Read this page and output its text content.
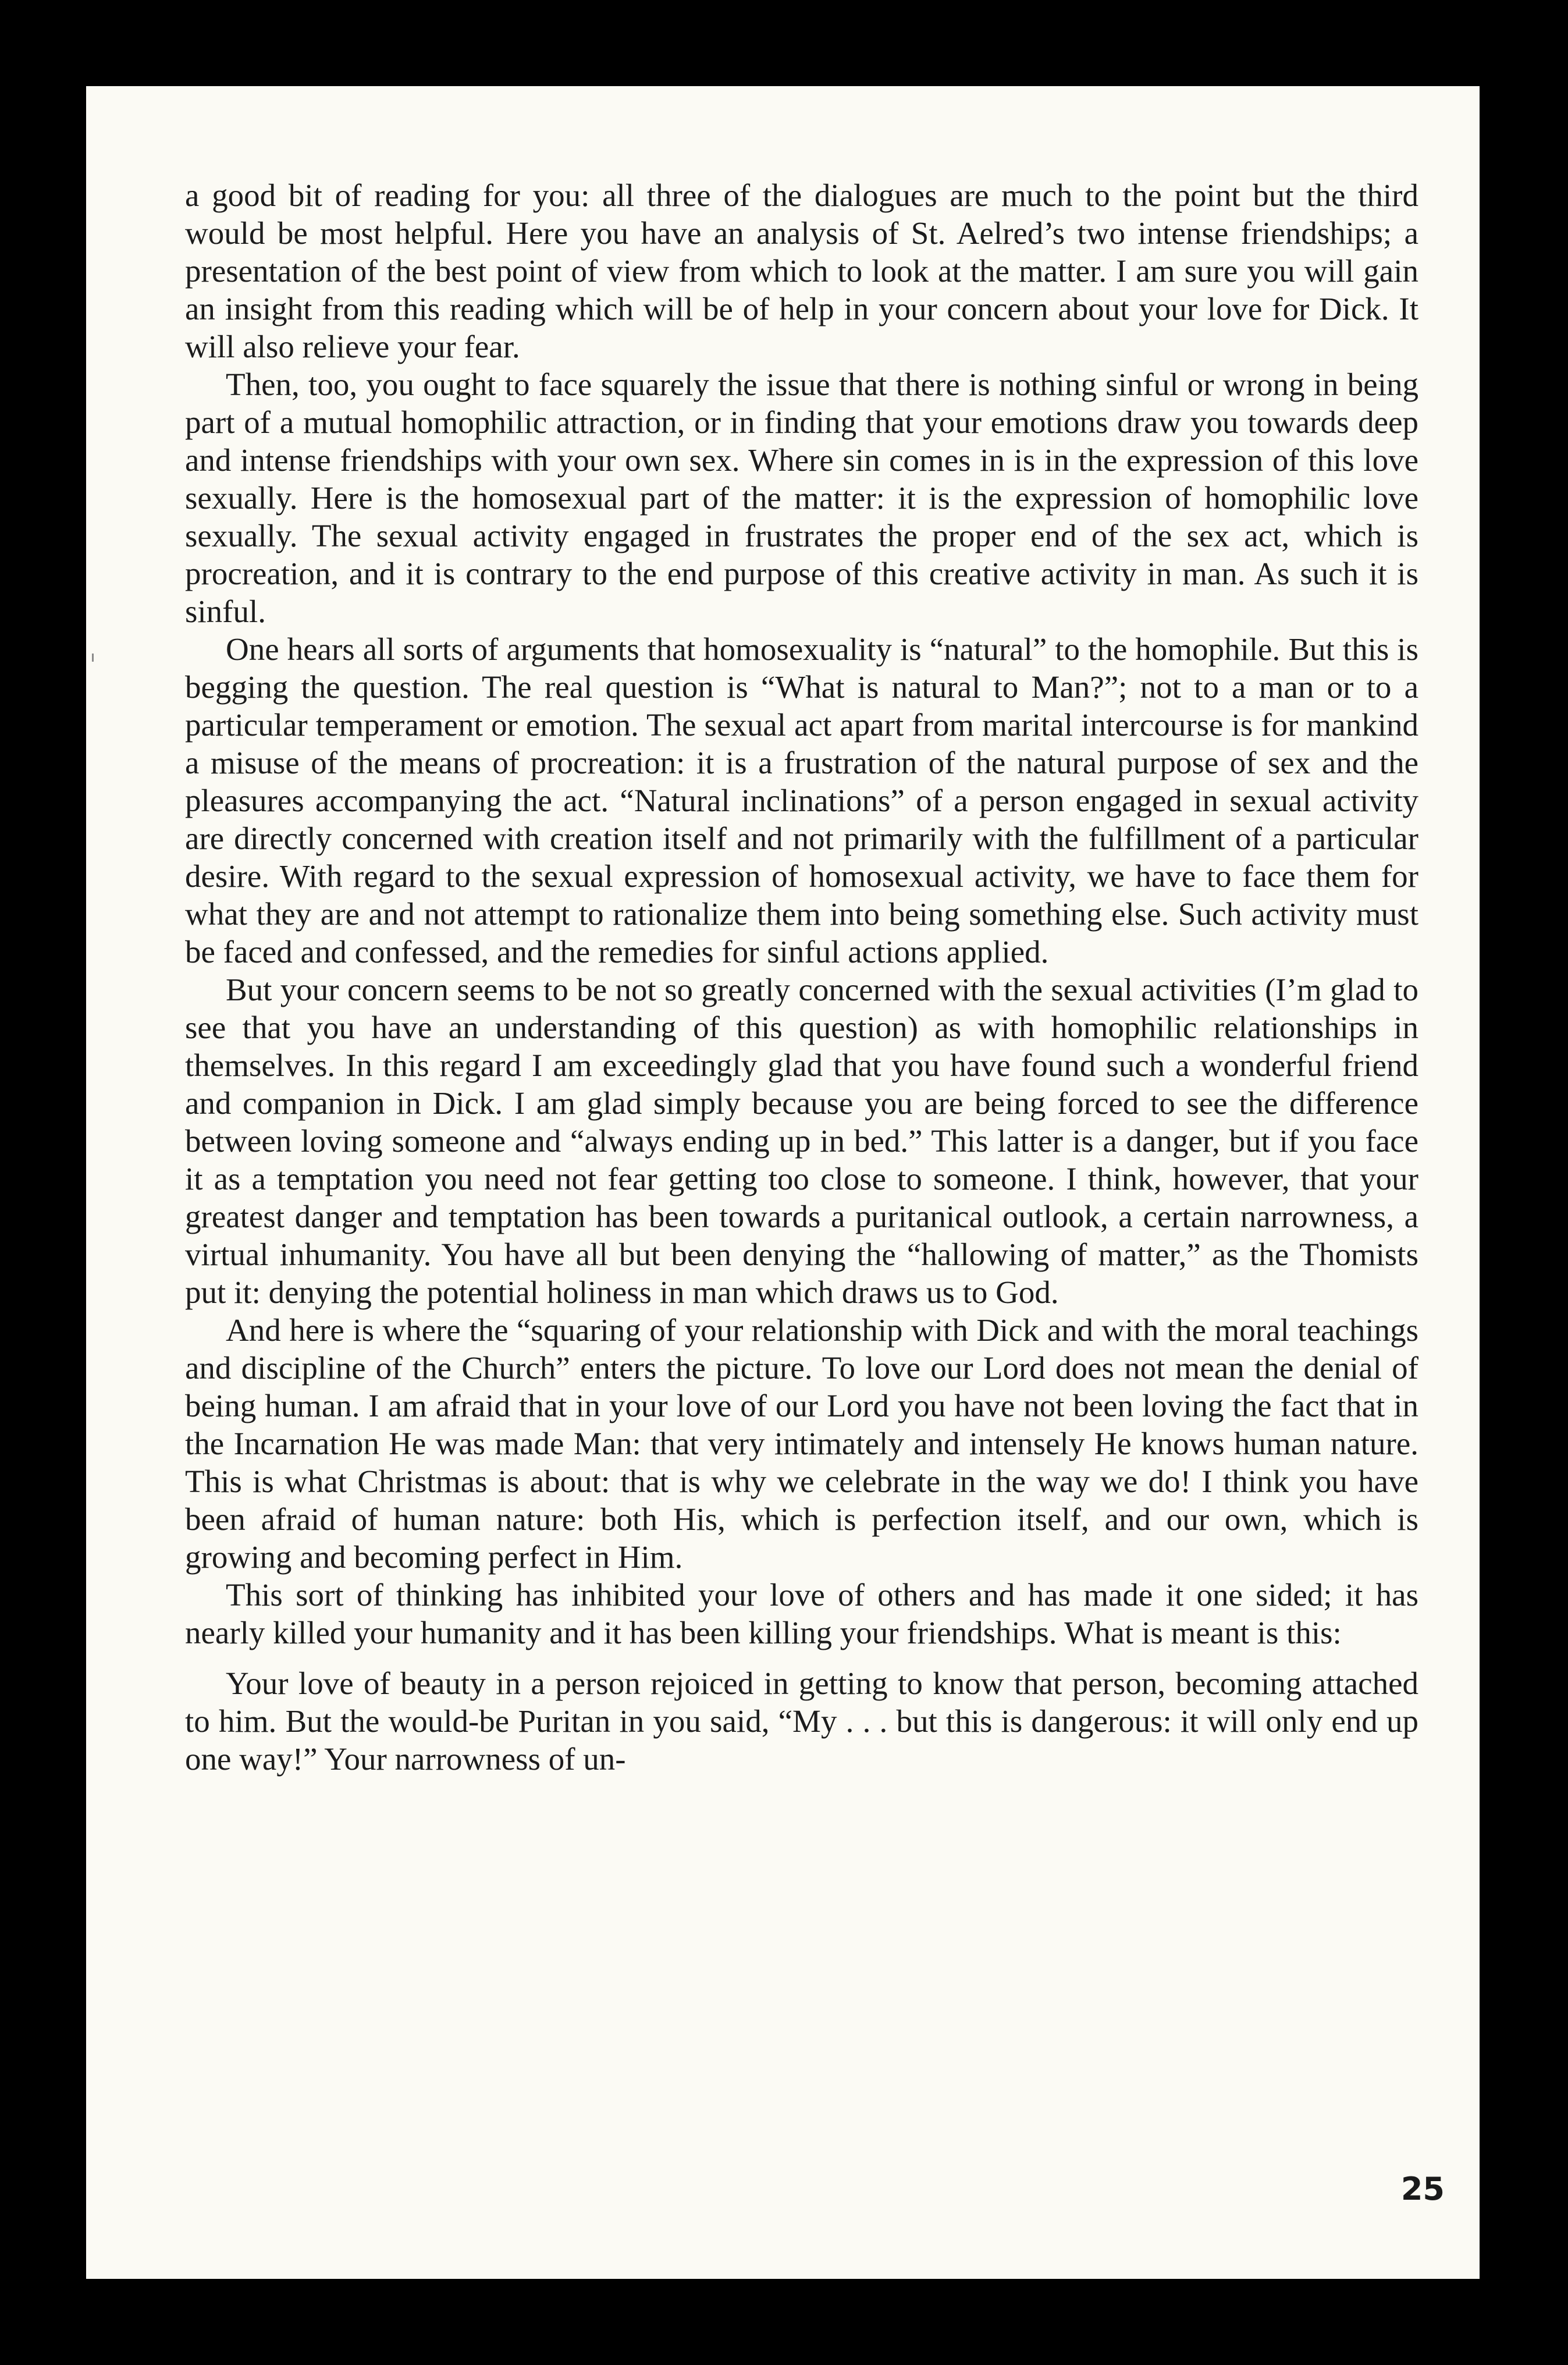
a good bit of reading for you: all three of the dialogues are much to the point but the third would be most helpful. Here you have an analysis of St. Aelred’s two intense friendships; a presentation of the best point of view from which to look at the matter. I am sure you will gain an insight from this reading which will be of help in your concern about your love for Dick. It will also relieve your fear.

Then, too, you ought to face squarely the issue that there is nothing sinful or wrong in being part of a mutual homophilic attraction, or in finding that your emotions draw you towards deep and intense friendships with your own sex. Where sin comes in is in the expression of this love sexually. Here is the homosexual part of the matter: it is the expression of homophilic love sexually. The sexual activity engaged in frustrates the proper end of the sex act, which is procreation, and it is contrary to the end purpose of this creative activity in man. As such it is sinful.

One hears all sorts of arguments that homosexuality is “natural” to the homophile. But this is begging the question. The real question is “What is natural to Man?”; not to a man or to a particular temperament or emotion. The sexual act apart from marital intercourse is for mankind a misuse of the means of procreation: it is a frustration of the natural purpose of sex and the pleasures accompanying the act. “Natural inclinations” of a person engaged in sexual activity are directly concerned with creation itself and not primarily with the fulfillment of a particular desire. With regard to the sexual expression of homosexual activity, we have to face them for what they are and not attempt to rationalize them into being something else. Such activity must be faced and confessed, and the remedies for sinful actions applied.

But your concern seems to be not so greatly concerned with the sexual activities (I’m glad to see that you have an understanding of this question) as with homophilic relationships in themselves. In this regard I am exceedingly glad that you have found such a wonderful friend and companion in Dick. I am glad simply because you are being forced to see the difference between loving someone and “always ending up in bed.” This latter is a danger, but if you face it as a temptation you need not fear getting too close to someone. I think, however, that your greatest danger and temptation has been towards a puritanical outlook, a certain narrowness, a virtual inhumanity. You have all but been denying the “hallowing of matter,” as the Thomists put it: denying the potential holiness in man which draws us to God.

And here is where the “squaring of your relationship with Dick and with the moral teachings and discipline of the Church” enters the picture. To love our Lord does not mean the denial of being human. I am afraid that in your love of our Lord you have not been loving the fact that in the Incarnation He was made Man: that very intimately and intensely He knows human nature. This is what Christmas is about: that is why we celebrate in the way we do! I think you have been afraid of human nature: both His, which is perfection itself, and our own, which is growing and becoming perfect in Him.

This sort of thinking has inhibited your love of others and has made it one sided; it has nearly killed your humanity and it has been killing your friendships. What is meant is this:

Your love of beauty in a person rejoiced in getting to know that person, becoming attached to him. But the would-be Puritan in you said, “My . . . but this is dangerous: it will only end up one way!” Your narrowness of un-

25
